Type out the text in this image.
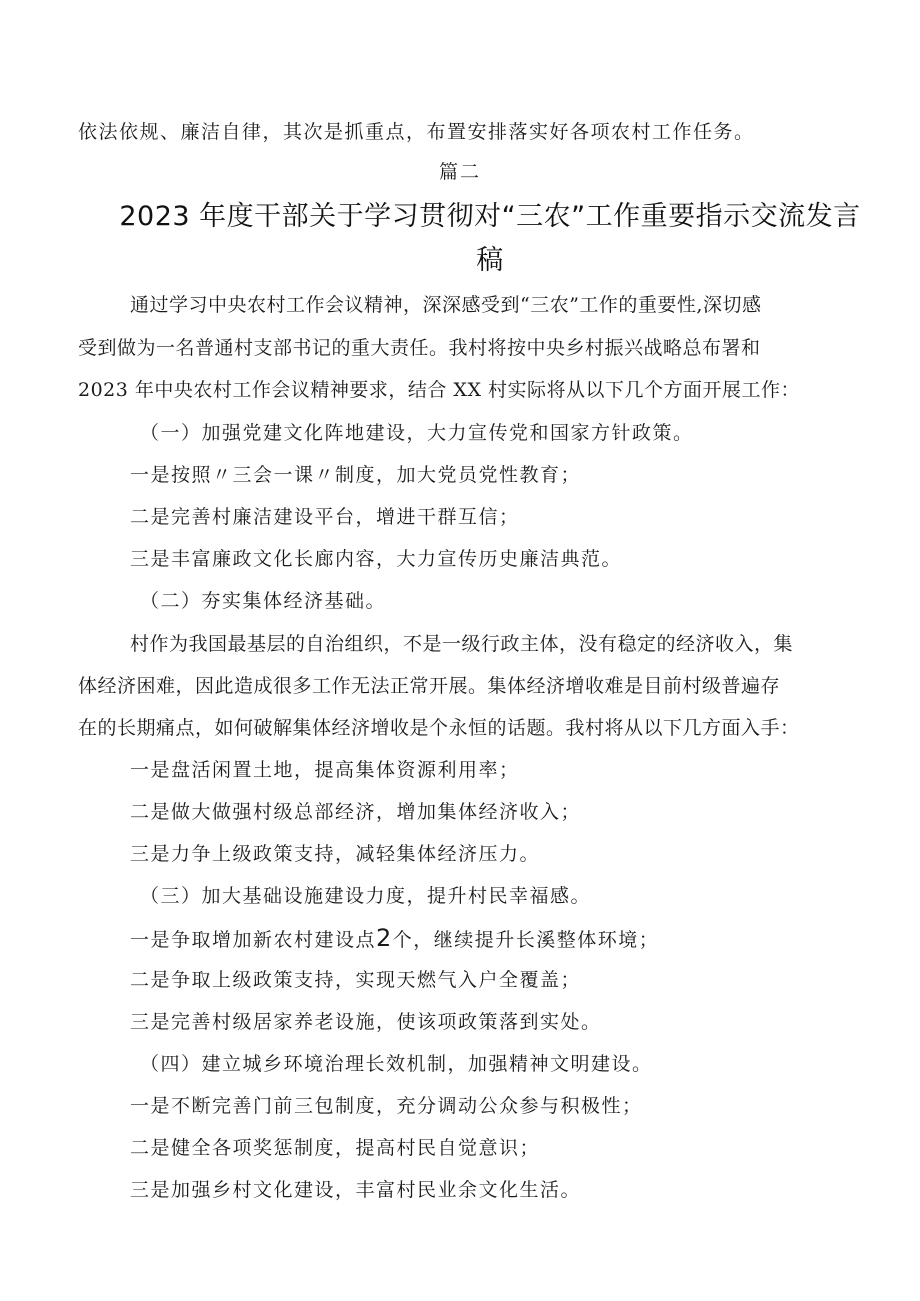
依法依规、廉洁自律，其次是抓重点，布置安排落实好各项农村工作任务。
篇二
2023 年度干部关于学习贯彻对“三农”工作重要指示交流发言
稿
通过学习中央农村工作会议精神，深深感受到“三农”工作的重要性,深切感
受到做为一名普通村支部书记的重大责任。我村将按中央乡村振兴战略总布署和
2023 年中央农村工作会议精神要求，结合 XX 村实际将从以下几个方面开展工作：
（一）加强党建文化阵地建设，大力宣传党和国家方针政策。
一是按照〃三会一课〃制度，加大党员党性教育；
二是完善村廉洁建设平台，增进干群互信；
三是丰富廉政文化长廊内容，大力宣传历史廉洁典范。
（二）夯实集体经济基础。
村作为我国最基层的自治组织，不是一级行政主体，没有稳定的经济收入，集
体经济困难，因此造成很多工作无法正常开展。集体经济增收难是目前村级普遍存
在的长期痛点，如何破解集体经济增收是个永恒的话题。我村将从以下几方面入手：
一是盘活闲置土地，提高集体资源利用率；
二是做大做强村级总部经济，增加集体经济收入；
三是力争上级政策支持，减轻集体经济压力。
（三）加大基础设施建设力度，提升村民幸福感。
一是争取增加新农村建设点2个，继续提升长溪整体环境；
二是争取上级政策支持，实现天燃气入户全覆盖；
三是完善村级居家养老设施，使该项政策落到实处。
（四）建立城乡环境治理长效机制，加强精神文明建设。
一是不断完善门前三包制度，充分调动公众参与积极性；
二是健全各项奖惩制度，提高村民自觉意识；
三是加强乡村文化建设，丰富村民业余文化生活。
